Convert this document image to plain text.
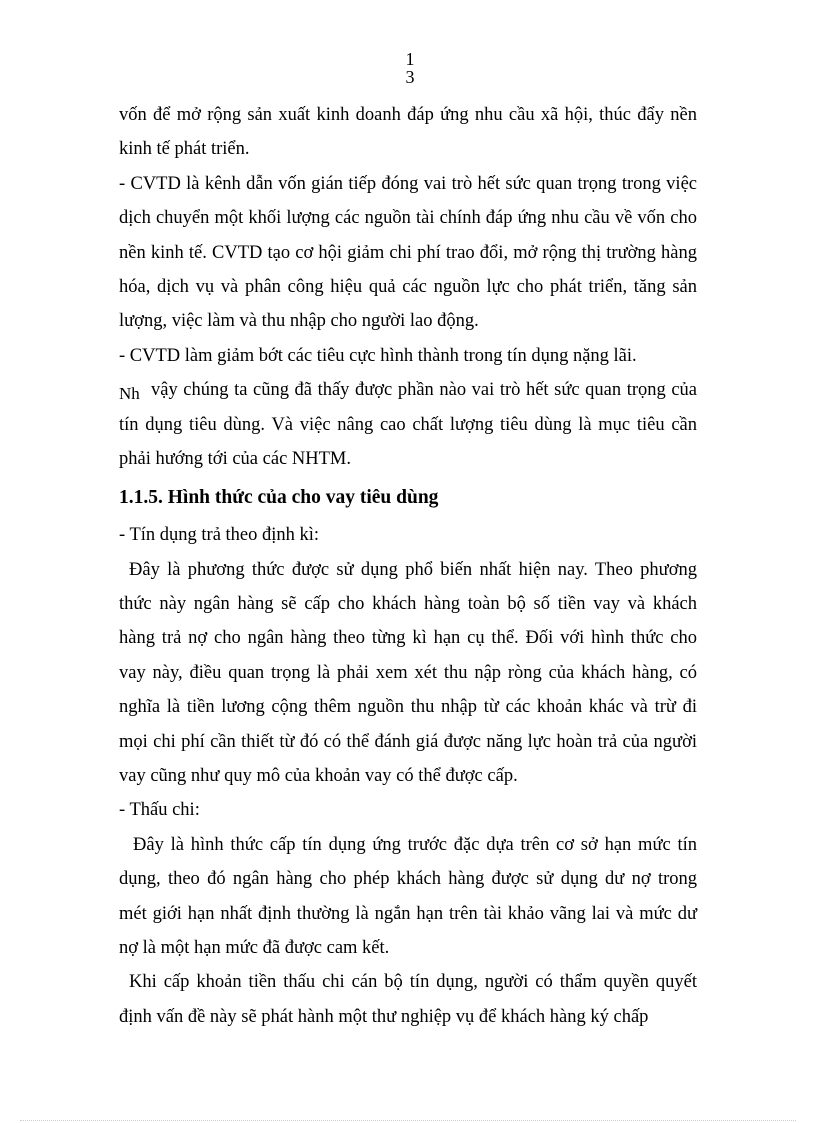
1
3
vốn để mở rộng sản xuất kinh doanh đáp ứng nhu cầu xã hội, thúc đẩy nền
kinh tế phát triển.
- CVTD là kênh dẫn vốn gián tiếp đóng vai trò hết sức quan trọng trong việc
dịch chuyển một khối lượng các nguồn tài chính đáp ứng nhu cầu về vốn cho
nền kinh tế. CVTD tạo cơ hội giảm chi phí trao đổi, mở rộng thị trường hàng
hóa, dịch vụ và phân công hiệu quả các nguồn lực cho phát triển, tăng sản
lượng, việc làm và thu nhập cho người lao động.
- CVTD làm giảm bớt các tiêu cực hình thành trong tín dụng nặng lãi.
Nh vậy chúng ta cũng đã thấy được phần nào vai trò hết sức quan trọng của
tín dụng tiêu dùng. Và việc nâng cao chất lượng tiêu dùng là mục tiêu cần
phải hướng tới của các NHTM.
1.1.5. Hình thức của cho vay tiêu dùng
- Tín dụng trả theo định kì:
Đây là phương thức được sử dụng phổ biến nhất hiện nay. Theo phương
thức này ngân hàng sẽ cấp cho khách hàng toàn bộ số tiền vay và khách
hàng trả nợ cho ngân hàng theo từng kì hạn cụ thể. Đối với hình thức cho
vay này, điều quan trọng là phải xem xét thu nập ròng của khách hàng, có
nghĩa là tiền lương cộng thêm nguồn thu nhập từ các khoản khác và trừ đi
mọi chi phí cần thiết từ đó có thể đánh giá được năng lực hoàn trả của người
vay cũng như quy mô của khoản vay có thể được cấp.
- Thấu chi:
Đây là hình thức cấp tín dụng ứng trước đặc dựa trên cơ sở hạn mức tín
dụng, theo đó ngân hàng cho phép khách hàng được sử dụng dư nợ trong
mét giới hạn nhất định thường là ngắn hạn trên tài khảo vãng lai và mức dư
nợ là một hạn mức đã được cam kết.
Khi cấp khoản tiền thấu chi cán bộ tín dụng, người có thẩm quyền quyết
định vấn đề này sẽ phát hành một thư nghiệp vụ để khách hàng ký chấp
